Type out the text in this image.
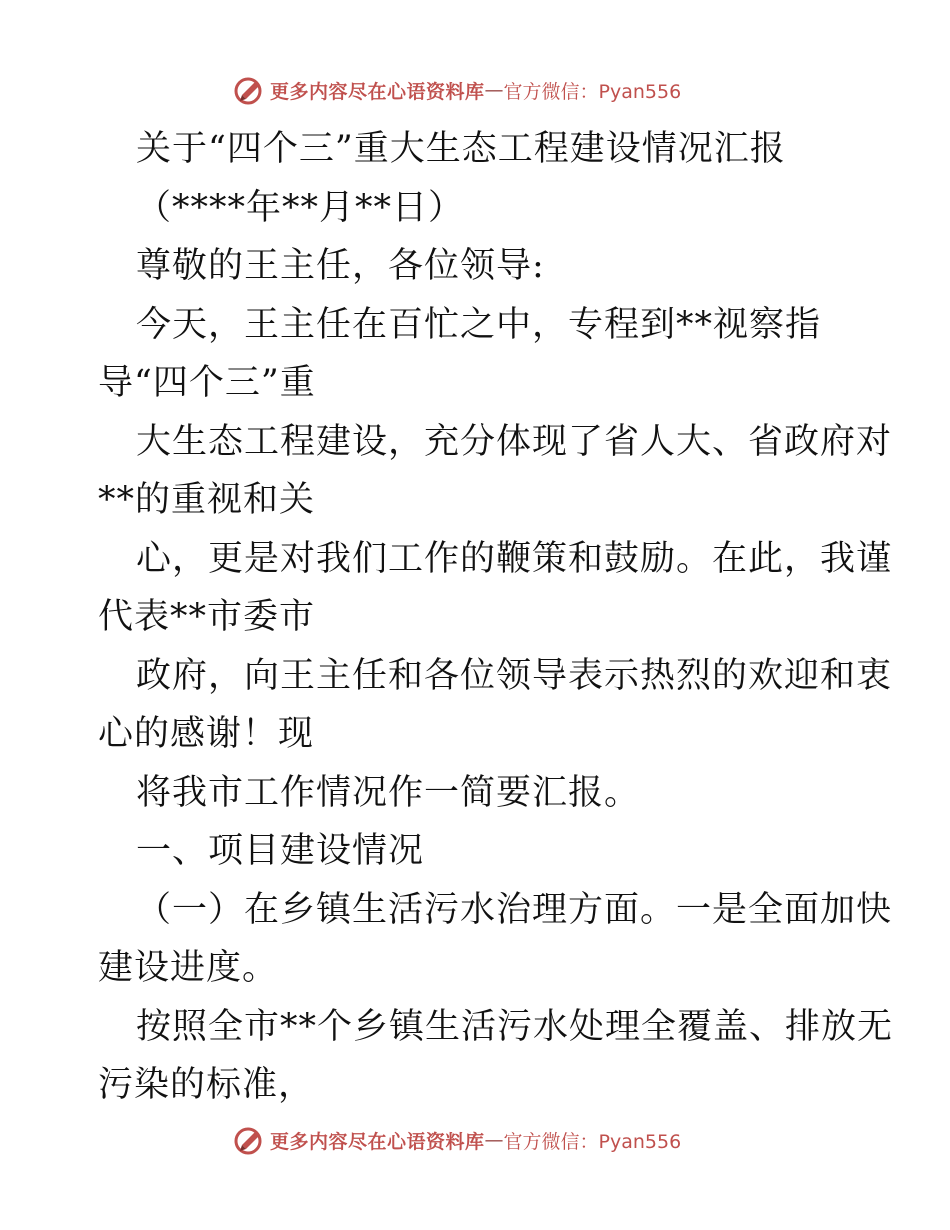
更多内容尽在心语资料库 — 官方微信：Pyan556
关于“四个三”重大生态工程建设情况汇报
（****年**月**日）
尊敬的王主任，各位领导:
今天，王主任在百忙之中，专程到**视察指
导“四个三”重
大生态工程建设，充分体现了省人大、省政府对
**的重视和关
心，更是对我们工作的鞭策和鼓励。在此，我谨
代表**市委市
政府，向王主任和各位领导表示热烈的欢迎和衷
心的感谢！现
将我市工作情况作一简要汇报。
一、项目建设情况
（一）在乡镇生活污水治理方面。一是全面加快
建设进度。
按照全市**个乡镇生活污水处理全覆盖、排放无
污染的标准，
更多内容尽在心语资料库 — 官方微信：Pyan556
